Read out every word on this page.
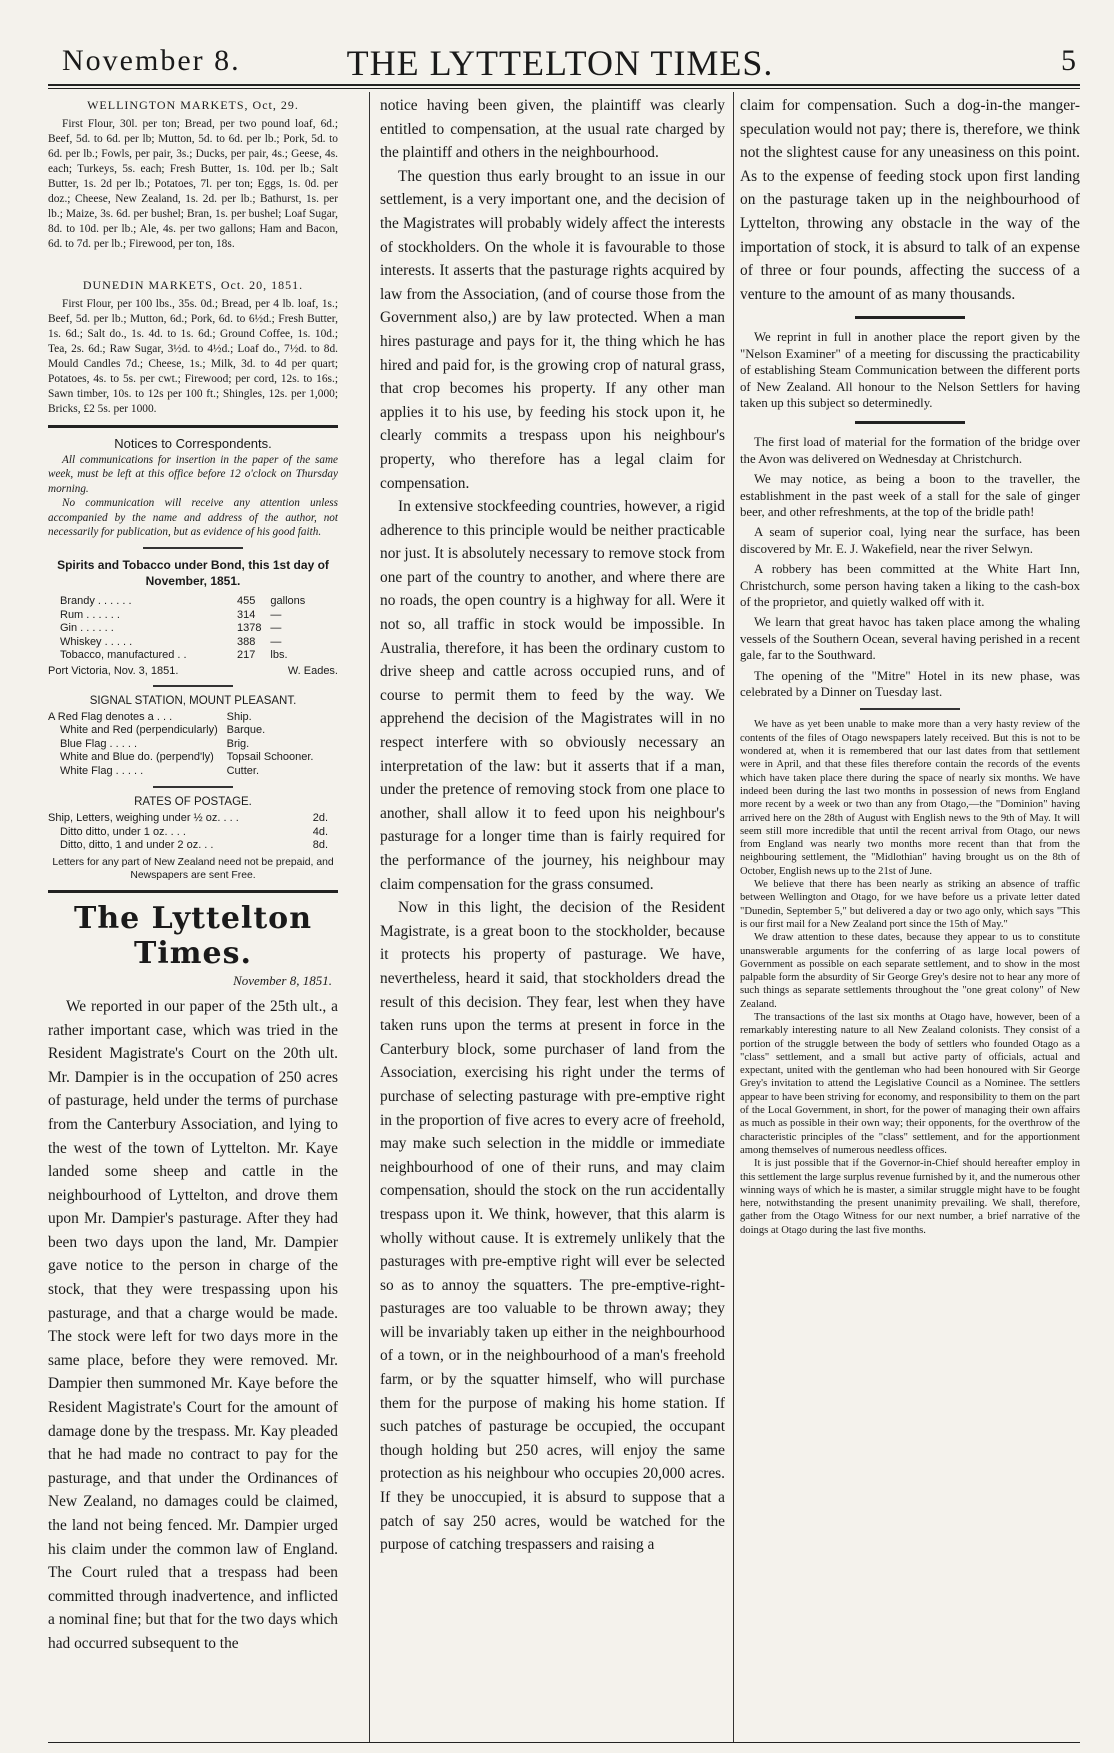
November 8.	THE LYTTELTON TIMES.	5
WELLINGTON MARKETS, Oct, 29.

First Flour, 30l. per ton; Bread, per two pound loaf, 6d.; Beef, 5d. to 6d. per lb; Mutton, 5d. to 6d. per lb.; Pork, 5d. to 6d. per lb.; Fowls, per pair, 3s.; Ducks, per pair, 4s.; Geese, 4s. each; Turkeys, 5s. each; Fresh Butter, 1s. 10d. per lb.; Salt Butter, 1s. 2d per lb.; Potatoes, 7l. per ton; Eggs, 1s. 0d. per doz.; Cheese, New Zealand, 1s. 2d. per lb.; Bathurst, 1s. per lb.; Maize, 3s. 6d. per bushel; Bran, 1s. per bushel; Loaf Sugar, 8d. to 10d. per lb.; Ale, 4s. per two gallons; Ham and Bacon, 6d. to 7d. per lb.; Firewood, per ton, 18s.

DUNEDIN MARKETS, Oct. 20, 1851.

First Flour, per 100 lbs., 35s. 0d.; Bread, per 4 lb. loaf, 1s.; Beef, 5d. per lb.; Mutton, 6d.; Pork, 6d. to 6½d.; Fresh Butter, 1s. 6d.; Salt do., 1s. 4d. to 1s. 6d.; Ground Coffee, 1s. 10d.; Tea, 2s. 6d.; Raw Sugar, 3½d. to 4½d.; Loaf do., 7½d. to 8d. Mould Candles 7d.; Cheese, 1s.; Milk, 3d. to 4d per quart; Potatoes, 4s. to 5s. per cwt.; Firewood; per cord, 12s. to 16s.; Sawn timber, 10s. to 12s per 100 ft.; Shingles, 12s. per 1,000; Bricks, £2 5s. per 1000.

Notices to Correspondents.

All communications for insertion in the paper of the same week, must be left at this office before 12 o'clock on Thursday morning.

No communication will receive any attention unless accompanied by the name and address of the author, not necessarily for publication, but as evidence of his good faith.

Spirits and Tobacco under Bond, this 1st day of November, 1851.
Brandy . . . . . .	455	gallons
Rum . . . . . .	314	—
Gin . . . . . .	1378	—
Whiskey . . . . .	388	—
Tobacco, manufactured . .	217	lbs.
Port Victoria, Nov. 3, 1851.	W. Eades.
SIGNAL STATION, MOUNT PLEASANT.
A Red Flag denotes a . . .	Ship.
White and Red (perpendicularly)	Barque.
Blue Flag . . . . .	Brig.
White and Blue do. (perpend'ly)	Topsail Schooner.
White Flag . . . . .	Cutter.
RATES OF POSTAGE.
Ship, Letters, weighing under ½ oz. . . .	2d.
Ditto ditto, under 1 oz. . . .	4d.
Ditto, ditto, 1 and under 2 oz. . .	8d.
Letters for any part of New Zealand need not be prepaid, and Newspapers are sent Free.
The Lyttelton Times.
November 8, 1851.

We reported in our paper of the 25th ult., a rather important case, which was tried in the Resident Magistrate's Court on the 20th ult. Mr. Dampier is in the occupation of 250 acres of pasturage, held under the terms of purchase from the Canterbury Association, and lying to the west of the town of Lyttelton. Mr. Kaye landed some sheep and cattle in the neighbourhood of Lyttelton, and drove them upon Mr. Dampier's pasturage. After they had been two days upon the land, Mr. Dampier gave notice to the person in charge of the stock, that they were trespassing upon his pasturage, and that a charge would be made. The stock were left for two days more in the same place, before they were removed. Mr. Dampier then summoned Mr. Kaye before the Resident Magistrate's Court for the amount of damage done by the trespass. Mr. Kay pleaded that he had made no contract to pay for the pasturage, and that under the Ordinances of New Zealand, no damages could be claimed, the land not being fenced. Mr. Dampier urged his claim under the common law of England. The Court ruled that a trespass had been committed through inadvertence, and inflicted a nominal fine; but that for the two days which had occurred subsequent to the

notice having been given, the plaintiff was clearly entitled to compensation, at the usual rate charged by the plaintiff and others in the neighbourhood.

The question thus early brought to an issue in our settlement, is a very important one, and the decision of the Magistrates will probably widely affect the interests of stockholders. On the whole it is favourable to those interests. It asserts that the pasturage rights acquired by law from the Association, (and of course those from the Government also,) are by law protected. When a man hires pasturage and pays for it, the thing which he has hired and paid for, is the growing crop of natural grass, that crop becomes his property. If any other man applies it to his use, by feeding his stock upon it, he clearly commits a trespass upon his neighbour's property, who therefore has a legal claim for compensation.

In extensive stockfeeding countries, however, a rigid adherence to this principle would be neither practicable nor just. It is absolutely necessary to remove stock from one part of the country to another, and where there are no roads, the open country is a highway for all. Were it not so, all traffic in stock would be impossible. In Australia, therefore, it has been the ordinary custom to drive sheep and cattle across occupied runs, and of course to permit them to feed by the way. We apprehend the decision of the Magistrates will in no respect interfere with so obviously necessary an interpretation of the law: but it asserts that if a man, under the pretence of removing stock from one place to another, shall allow it to feed upon his neighbour's pasturage for a longer time than is fairly required for the performance of the journey, his neighbour may claim compensation for the grass consumed.

Now in this light, the decision of the Resident Magistrate, is a great boon to the stockholder, because it protects his property of pasturage. We have, nevertheless, heard it said, that stockholders dread the result of this decision. They fear, lest when they have taken runs upon the terms at present in force in the Canterbury block, some purchaser of land from the Association, exercising his right under the terms of purchase of selecting pasturage with pre-emptive right in the proportion of five acres to every acre of freehold, may make such selection in the middle or immediate neighbourhood of one of their runs, and may claim compensation, should the stock on the run accidentally trespass upon it. We think, however, that this alarm is wholly without cause. It is extremely unlikely that the pasturages with pre-emptive right will ever be selected so as to annoy the squatters. The pre-emptive-right-pasturages are too valuable to be thrown away; they will be invariably taken up either in the neighbourhood of a town, or in the neighbourhood of a man's freehold farm, or by the squatter himself, who will purchase them for the purpose of making his home station. If such patches of pasturage be occupied, the occupant though holding but 250 acres, will enjoy the same protection as his neighbour who occupies 20,000 acres. If they be unoccupied, it is absurd to suppose that a patch of say 250 acres, would be watched for the purpose of catching trespassers and raising a

claim for compensation. Such a dog-in-the manger-speculation would not pay; there is, therefore, we think not the slightest cause for any uneasiness on this point. As to the expense of feeding stock upon first landing on the pasturage taken up in the neighbourhood of Lyttelton, throwing any obstacle in the way of the importation of stock, it is absurd to talk of an expense of three or four pounds, affecting the success of a venture to the amount of as many thousands.

We reprint in full in another place the report given by the "Nelson Examiner" of a meeting for discussing the practicability of establishing Steam Communication between the different ports of New Zealand. All honour to the Nelson Settlers for having taken up this subject so determinedly.

The first load of material for the formation of the bridge over the Avon was delivered on Wednesday at Christchurch.

We may notice, as being a boon to the traveller, the establishment in the past week of a stall for the sale of ginger beer, and other refreshments, at the top of the bridle path!

A seam of superior coal, lying near the surface, has been discovered by Mr. E. J. Wakefield, near the river Selwyn.

A robbery has been committed at the White Hart Inn, Christchurch, some person having taken a liking to the cash-box of the proprietor, and quietly walked off with it.

We learn that great havoc has taken place among the whaling vessels of the Southern Ocean, several having perished in a recent gale, far to the Southward.

The opening of the "Mitre" Hotel in its new phase, was celebrated by a Dinner on Tuesday last.

We have as yet been unable to make more than a very hasty review of the contents of the files of Otago newspapers lately received. But this is not to be wondered at, when it is remembered that our last dates from that settlement were in April, and that these files therefore contain the records of the events which have taken place there during the space of nearly six months. We have indeed been during the last two months in possession of news from England more recent by a week or two than any from Otago,—the "Dominion" having arrived here on the 28th of August with English news to the 9th of May. It will seem still more incredible that until the recent arrival from Otago, our news from England was nearly two months more recent than that from the neighbouring settlement, the "Midlothian" having brought us on the 8th of October, English news up to the 21st of June.

We believe that there has been nearly as striking an absence of traffic between Wellington and Otago, for we have before us a private letter dated "Dunedin, September 5," but delivered a day or two ago only, which says "This is our first mail for a New Zealand port since the 15th of May."

We draw attention to these dates, because they appear to us to constitute unanswerable arguments for the conferring of as large local powers of Government as possible on each separate settlement, and to show in the most palpable form the absurdity of Sir George Grey's desire not to hear any more of such things as separate settlements throughout the "one great colony" of New Zealand.

The transactions of the last six months at Otago have, however, been of a remarkably interesting nature to all New Zealand colonists. They consist of a portion of the struggle between the body of settlers who founded Otago as a "class" settlement, and a small but active party of officials, actual and expectant, united with the gentleman who had been honoured with Sir George Grey's invitation to attend the Legislative Council as a Nominee. The settlers appear to have been striving for economy, and responsibility to them on the part of the Local Government, in short, for the power of managing their own affairs as much as possible in their own way; their opponents, for the overthrow of the characteristic principles of the "class" settlement, and for the apportionment among themselves of numerous needless offices.

It is just possible that if the Governor-in-Chief should hereafter employ in this settlement the large surplus revenue furnished by it, and the numerous other winning ways of which he is master, a similar struggle might have to be fought here, notwithstanding the present unanimity prevailing. We shall, therefore, gather from the Otago Witness for our next number, a brief narrative of the doings at Otago during the last five months.
